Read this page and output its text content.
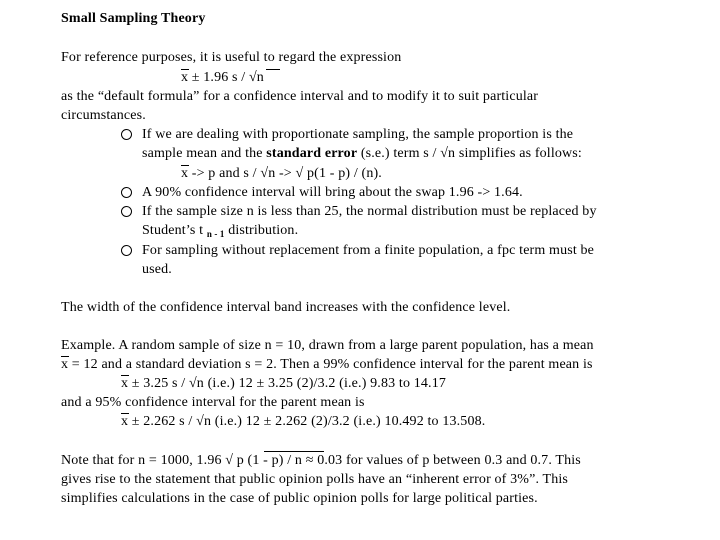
Small Sampling Theory
For reference purposes, it is useful to regard the expression
x ± 1.96 s / √n
as the “default formula” for a confidence interval and to modify it to suit particular
circumstances.
If we are dealing with proportionate sampling, the sample proportion is the
sample mean and the standard error (s.e.) term s / √n simplifies as follows:
x -> p and s / √n -> √ p(1 - p) / (n).
A 90% confidence interval will bring about the swap 1.96 -> 1.64.
If the sample size n is less than 25, the normal distribution must be replaced by
Student’s t $_{n - 1}$ distribution.
For sampling without replacement from a finite population, a fpc term must be
used.
The width of the confidence interval band increases with the confidence level.
Example. A random sample of size n = 10, drawn from a large parent population, has a mean
x = 12 and a standard deviation s = 2. Then a 99% confidence interval for the parent mean is
x ± 3.25 s / √n (i.e.) 12 ± 3.25 (2)/3.2 (i.e.) 9.83 to 14.17
and a 95% confidence interval for the parent mean is
x ± 2.262 s / √n (i.e.) 12 ± 2.262 (2)/3.2 (i.e.) 10.492 to 13.508.
Note that for n = 1000, 1.96 √ p (1 - p) / n ≈ 0.03 for values of p between 0.3 and 0.7. This
gives rise to the statement that public opinion polls have an “inherent error of 3%”. This
simplifies calculations in the case of public opinion polls for large political parties.
